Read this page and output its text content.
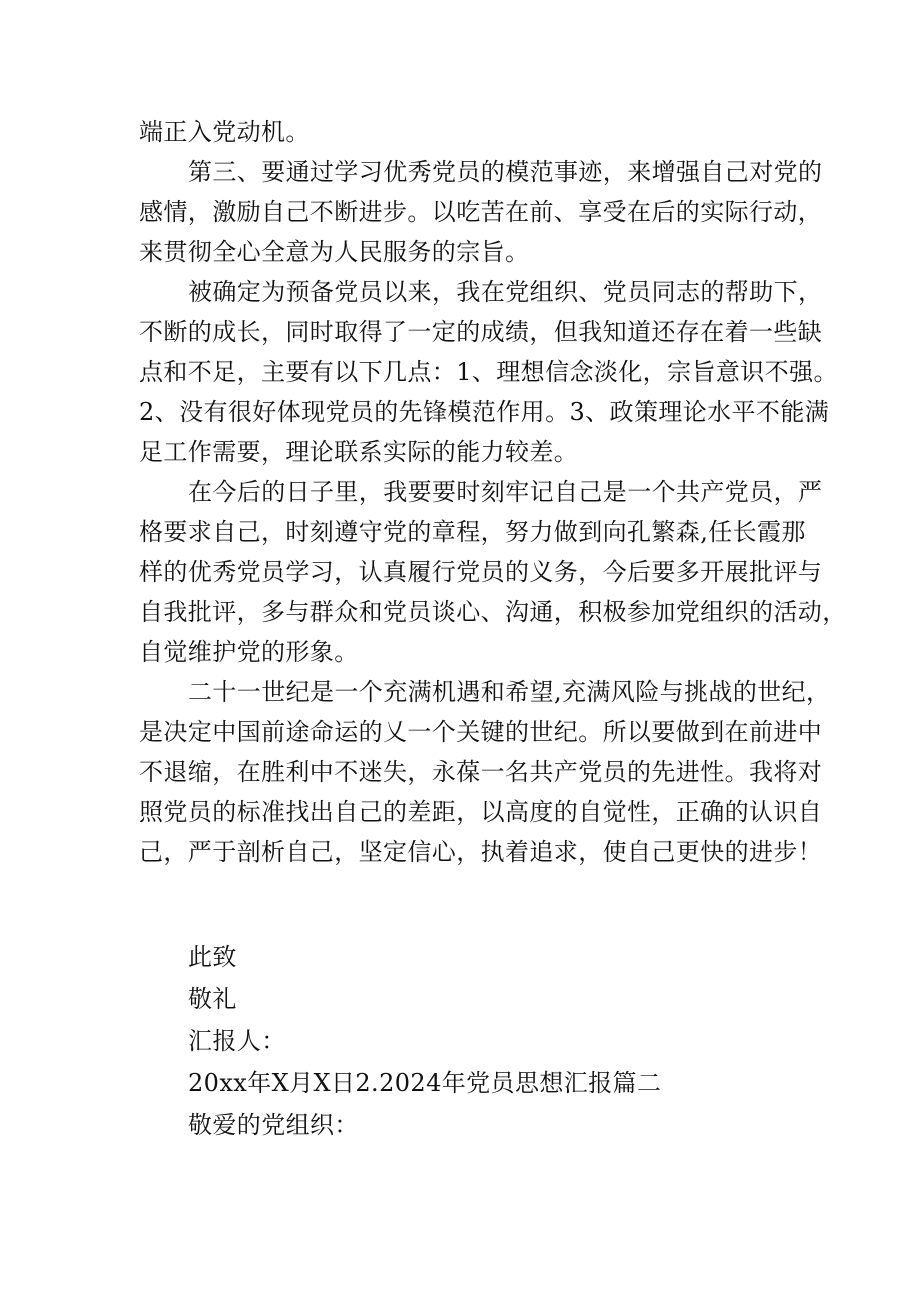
端正入党动机。
第三、要通过学习优秀党员的模范事迹，来增强自己对党的
感情，激励自己不断进步。以吃苦在前、享受在后的实际行动，
来贯彻全心全意为人民服务的宗旨。
被确定为预备党员以来，我在党组织、党员同志的帮助下，
不断的成长，同时取得了一定的成绩，但我知道还存在着一些缺
点和不足，主要有以下几点：1、理想信念淡化，宗旨意识不强。
2、没有很好体现党员的先锋模范作用。3、政策理论水平不能满
足工作需要，理论联系实际的能力较差。
在今后的日子里，我要要时刻牢记自己是一个共产党员，严
格要求自己，时刻遵守党的章程，努力做到向孔繁森,任长霞那
样的优秀党员学习，认真履行党员的义务，今后要多开展批评与
自我批评，多与群众和党员谈心、沟通，积极参加党组织的活动，
自觉维护党的形象。
二十一世纪是一个充满机遇和希望,充满风险与挑战的世纪，
是决定中国前途命运的乂一个关键的世纪。所以要做到在前进中
不退缩，在胜利中不迷失，永葆一名共产党员的先进性。我将对
照党员的标准找出自己的差距，以高度的自觉性，正确的认识自
己，严于剖析自己，坚定信心，执着追求，使自己更快的进步！
此致
敬礼
汇报人：
20xx年X月X日2.2024年党员思想汇报篇二
敬爱的党组织：
